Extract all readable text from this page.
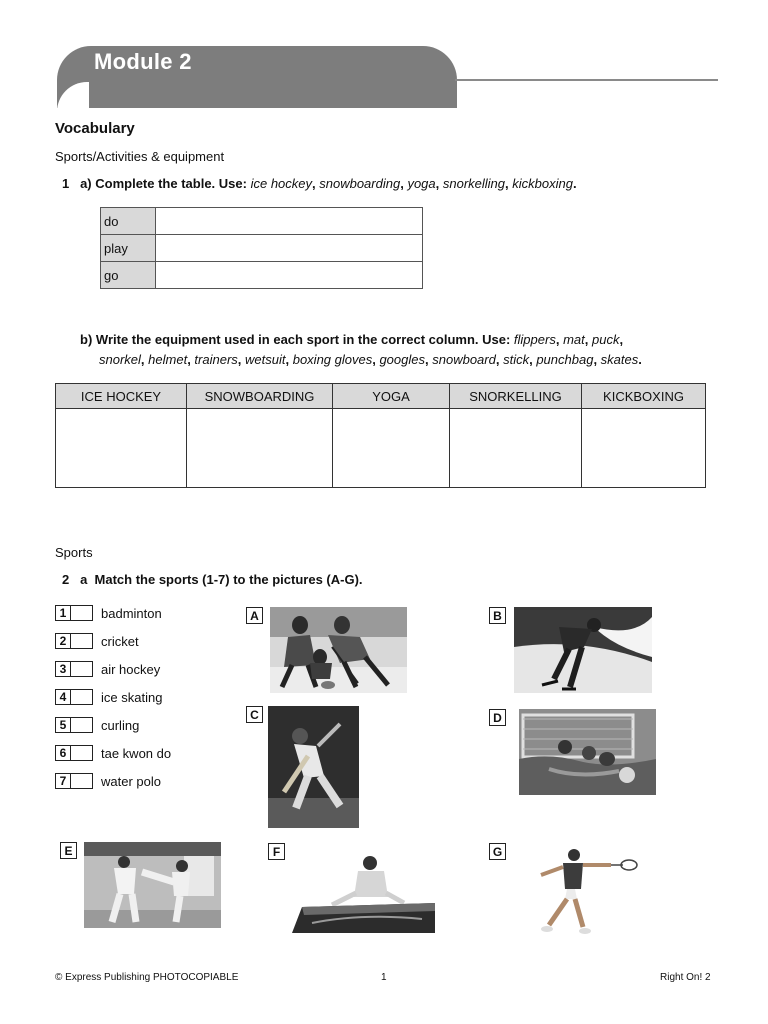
Module 2
Vocabulary
Sports/Activities & equipment
1 a) Complete the table. Use: ice hockey, snowboarding, yoga, snorkelling, kickboxing.
do	
play	
go	
b) Write the equipment used in each sport in the correct column. Use: flippers, mat, puck,
snorkel, helmet, trainers, wetsuit, boxing gloves, googles, snowboard, stick, punchbag, skates.
ICE HOCKEY	SNOWBOARDING	YOGA	SNORKELLING	KICKBOXING

Sports
2 a Match the sports (1-7) to the pictures (A-G).
1	badminton
2	cricket
3	air hockey
4	ice skating
5	curling
6	tae kwon do
7	water polo
A	B
C	D
E	F	G
© Express Publishing PHOTOCOPIABLE	1	Right On! 2
